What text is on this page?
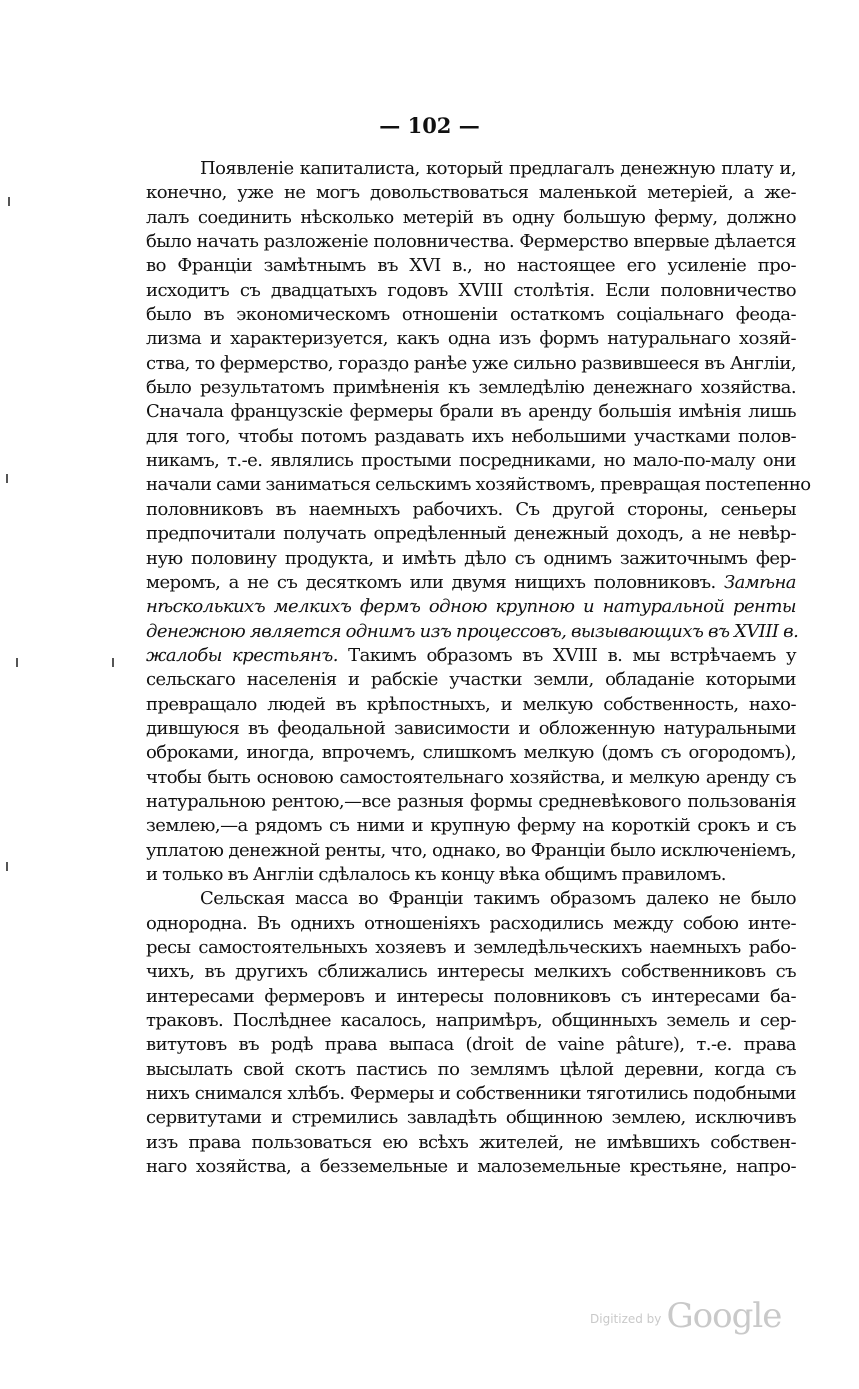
— 102 —
Появленіе капиталиста, который предлагалъ денежную плату и,
конечно, уже не могъ довольствоваться маленькой метеріей, а же-
лалъ соединить нѣсколько метерій въ одну большую ферму, должно
было начать разложеніе половничества. Фермерство впервые дѣлается
во Франціи замѣтнымъ въ XVI в., но настоящее его усиленіе про-
исходитъ съ двадцатыхъ годовъ XVIII столѣтія. Если половничество
было въ экономическомъ отношеніи остаткомъ соціальнаго феода-
лизма и характеризуется, какъ одна изъ формъ натуральнаго хозяй-
ства, то фермерство, гораздо ранѣе уже сильно развившееся въ Англіи,
было результатомъ примѣненія къ земледѣлію денежнаго хозяйства.
Сначала французскіе фермеры брали въ аренду большія имѣнія лишь
для того, чтобы потомъ раздавать ихъ небольшими участками полов-
никамъ, т.-е. являлись простыми посредниками, но мало-по-малу они
начали сами заниматься сельскимъ хозяйствомъ, превращая постепенно
половниковъ въ наемныхъ рабочихъ. Съ другой стороны, сеньеры
предпочитали получать опредѣленный денежный доходъ, а не невѣр-
ную половину продукта, и имѣть дѣло съ однимъ зажиточнымъ фер-
меромъ, а не съ десяткомъ или двумя нищихъ половниковъ. Замѣна
нѣсколькихъ мелкихъ фермъ одною крупною и натуральной ренты
денежною является однимъ изъ процессовъ, вызывающихъ въ XVIII в.
жалобы крестьянъ. Такимъ образомъ въ XVIII в. мы встрѣчаемъ у
сельскаго населенія и рабскіе участки земли, обладаніе которыми
превращало людей въ крѣпостныхъ, и мелкую собственность, нахо-
дившуюся въ феодальной зависимости и обложенную натуральными
оброками, иногда, впрочемъ, слишкомъ мелкую (домъ съ огородомъ),
чтобы быть основою самостоятельнаго хозяйства, и мелкую аренду съ
натуральною рентою,—все разныя формы средневѣкового пользованія
землею,—а рядомъ съ ними и крупную ферму на короткій срокъ и съ
уплатою денежной ренты, что, однако, во Франціи было исключеніемъ,
и только въ Англіи сдѣлалось къ концу вѣка общимъ правиломъ.
Сельская масса во Франціи такимъ образомъ далеко не было
однородна. Въ однихъ отношеніяхъ расходились между собою инте-
ресы самостоятельныхъ хозяевъ и земледѣльческихъ наемныхъ рабо-
чихъ, въ другихъ сближались интересы мелкихъ собственниковъ съ
интересами фермеровъ и интересы половниковъ съ интересами ба-
траковъ. Послѣднее касалось, напримѣръ, общинныхъ земель и сер-
витутовъ въ родѣ права выпаса (droit de vaine pâture), т.-е. права
высылать свой скотъ пастись по землямъ цѣлой деревни, когда съ
нихъ снимался хлѣбъ. Фермеры и собственники тяготились подобными
сервитутами и стремились завладѣть общинною землею, исключивъ
изъ права пользоваться ею всѣхъ жителей, не имѣвшихъ собствен-
наго хозяйства, а безземельные и малоземельные крестьяне, напро-
$^{Digitized by}$ Google
